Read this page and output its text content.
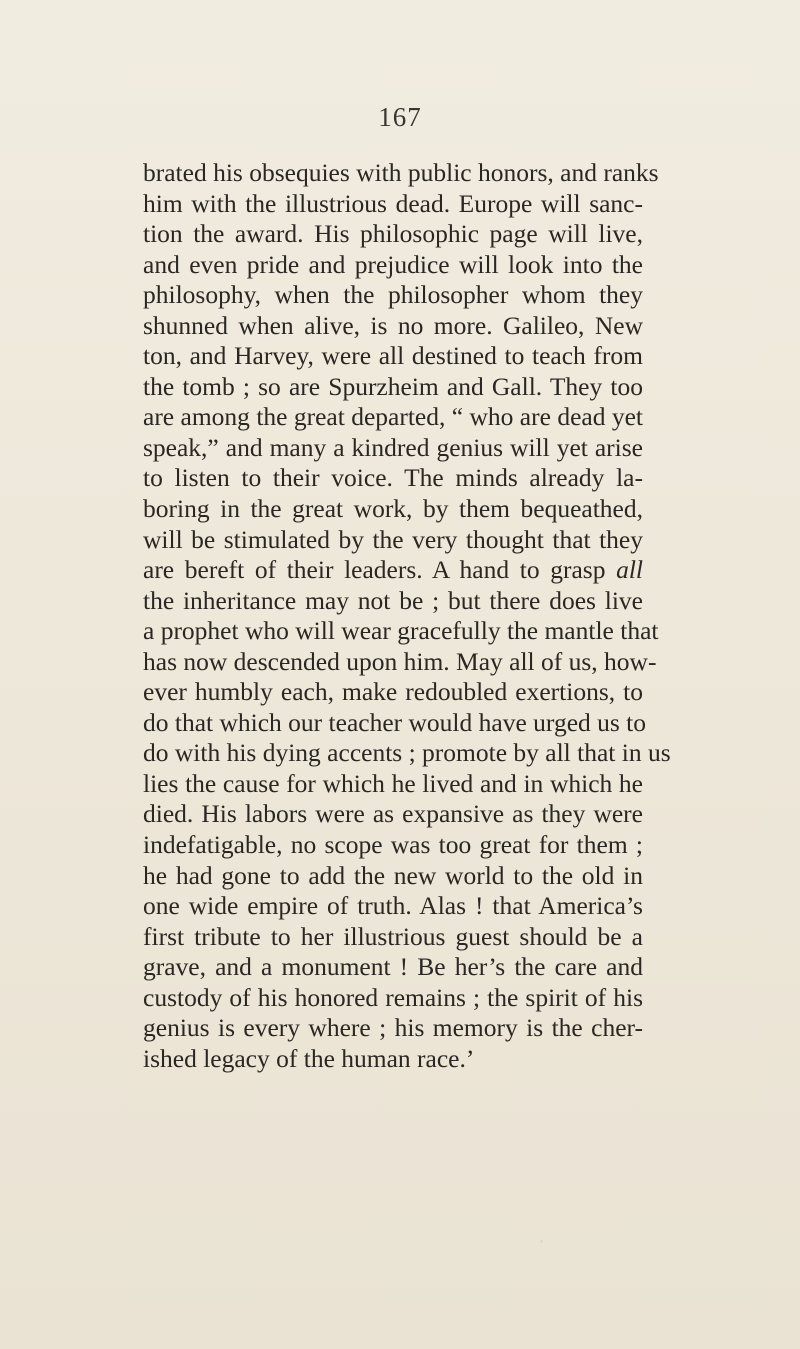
167
brated his obsequies with public honors, and ranks
him with the illustrious dead. Europe will sanc-
tion the award. His philosophic page will live,
and even pride and prejudice will look into the
philosophy, when the philosopher whom they
shunned when alive, is no more. Galileo, New
ton, and Harvey, were all destined to teach from
the tomb ; so are Spurzheim and Gall. They too
are among the great departed, “ who are dead yet
speak,” and many a kindred genius will yet arise
to listen to their voice. The minds already la-
boring in the great work, by them bequeathed,
will be stimulated by the very thought that they
are bereft of their leaders. A hand to grasp all
the inheritance may not be ; but there does live
a prophet who will wear gracefully the mantle that
has now descended upon him. May all of us, how-
ever humbly each, make redoubled exertions, to
do that which our teacher would have urged us to
do with his dying accents ; promote by all that in us
lies the cause for which he lived and in which he
died. His labors were as expansive as they were
indefatigable, no scope was too great for them ;
he had gone to add the new world to the old in
one wide empire of truth. Alas ! that America’s
first tribute to her illustrious guest should be a
grave, and a monument ! Be her’s the care and
custody of his honored remains ; the spirit of his
genius is every where ; his memory is the cher-
ished legacy of the human race.’
